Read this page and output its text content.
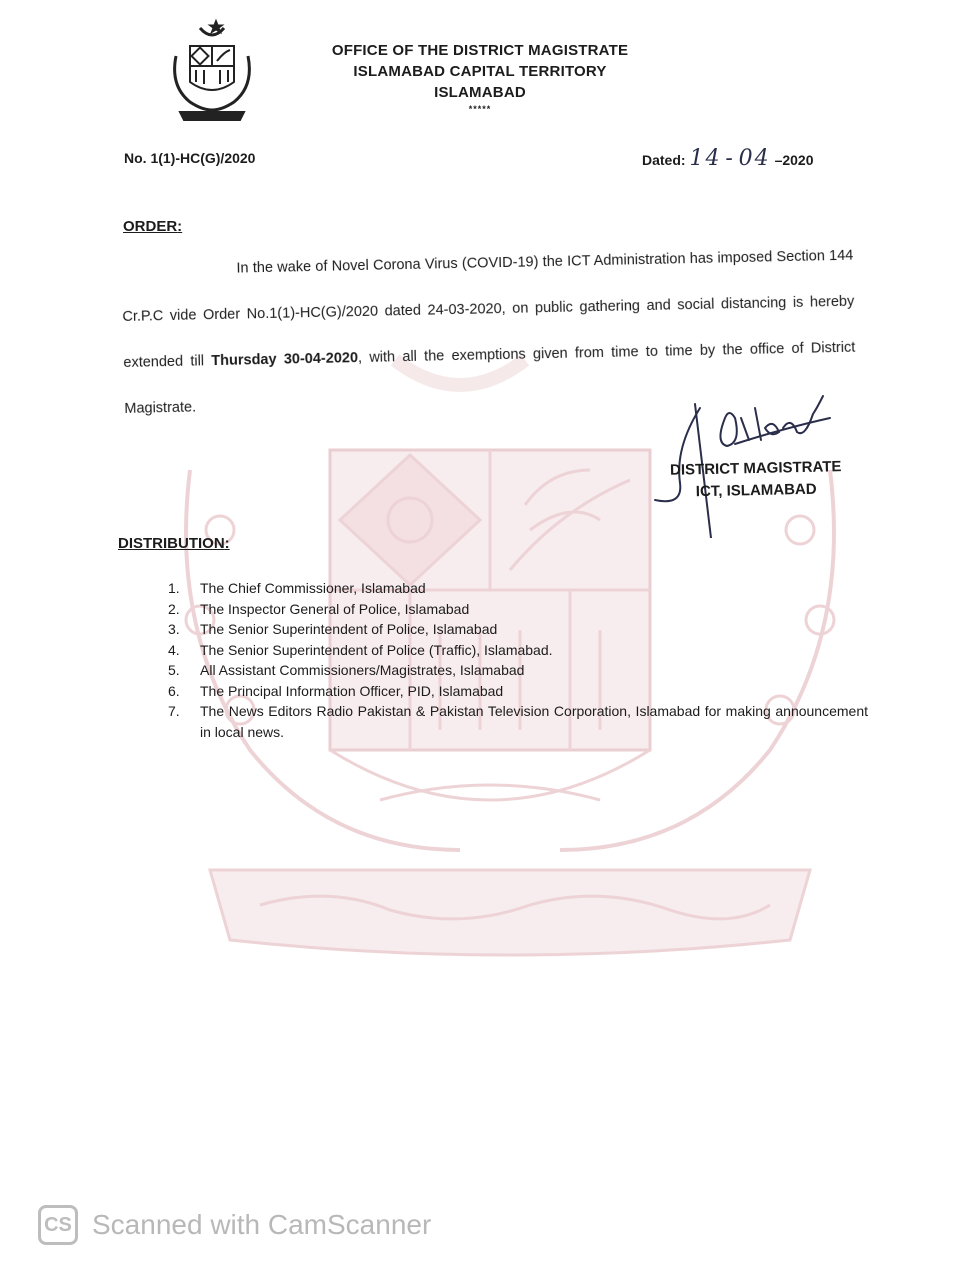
OFFICE OF THE DISTRICT MAGISTRATE
ISLAMABAD CAPITAL TERRITORY
ISLAMABAD
*****
No. 1(1)-HC(G)/2020	Dated: 14 - 04 –2020
ORDER:
In the wake of Novel Corona Virus (COVID-19) the ICT Administration has imposed Section 144 Cr.P.C vide Order No.1(1)-HC(G)/2020 dated 24-03-2020, on public gathering and social distancing is hereby extended till Thursday 30-04-2020, with all the exemptions given from time to time by the office of District Magistrate.
DISTRICT MAGISTRATE
ICT, ISLAMABAD
DISTRIBUTION:
1.	The Chief Commissioner, Islamabad
2.	The Inspector General of Police, Islamabad
3.	The Senior Superintendent of Police, Islamabad
4.	The Senior Superintendent of Police (Traffic), Islamabad.
5.	All Assistant Commissioners/Magistrates, Islamabad
6.	The Principal Information Officer, PID, Islamabad
7.	The News Editors Radio Pakistan & Pakistan Television Corporation, Islamabad for making announcement in local news.
CS Scanned with CamScanner
